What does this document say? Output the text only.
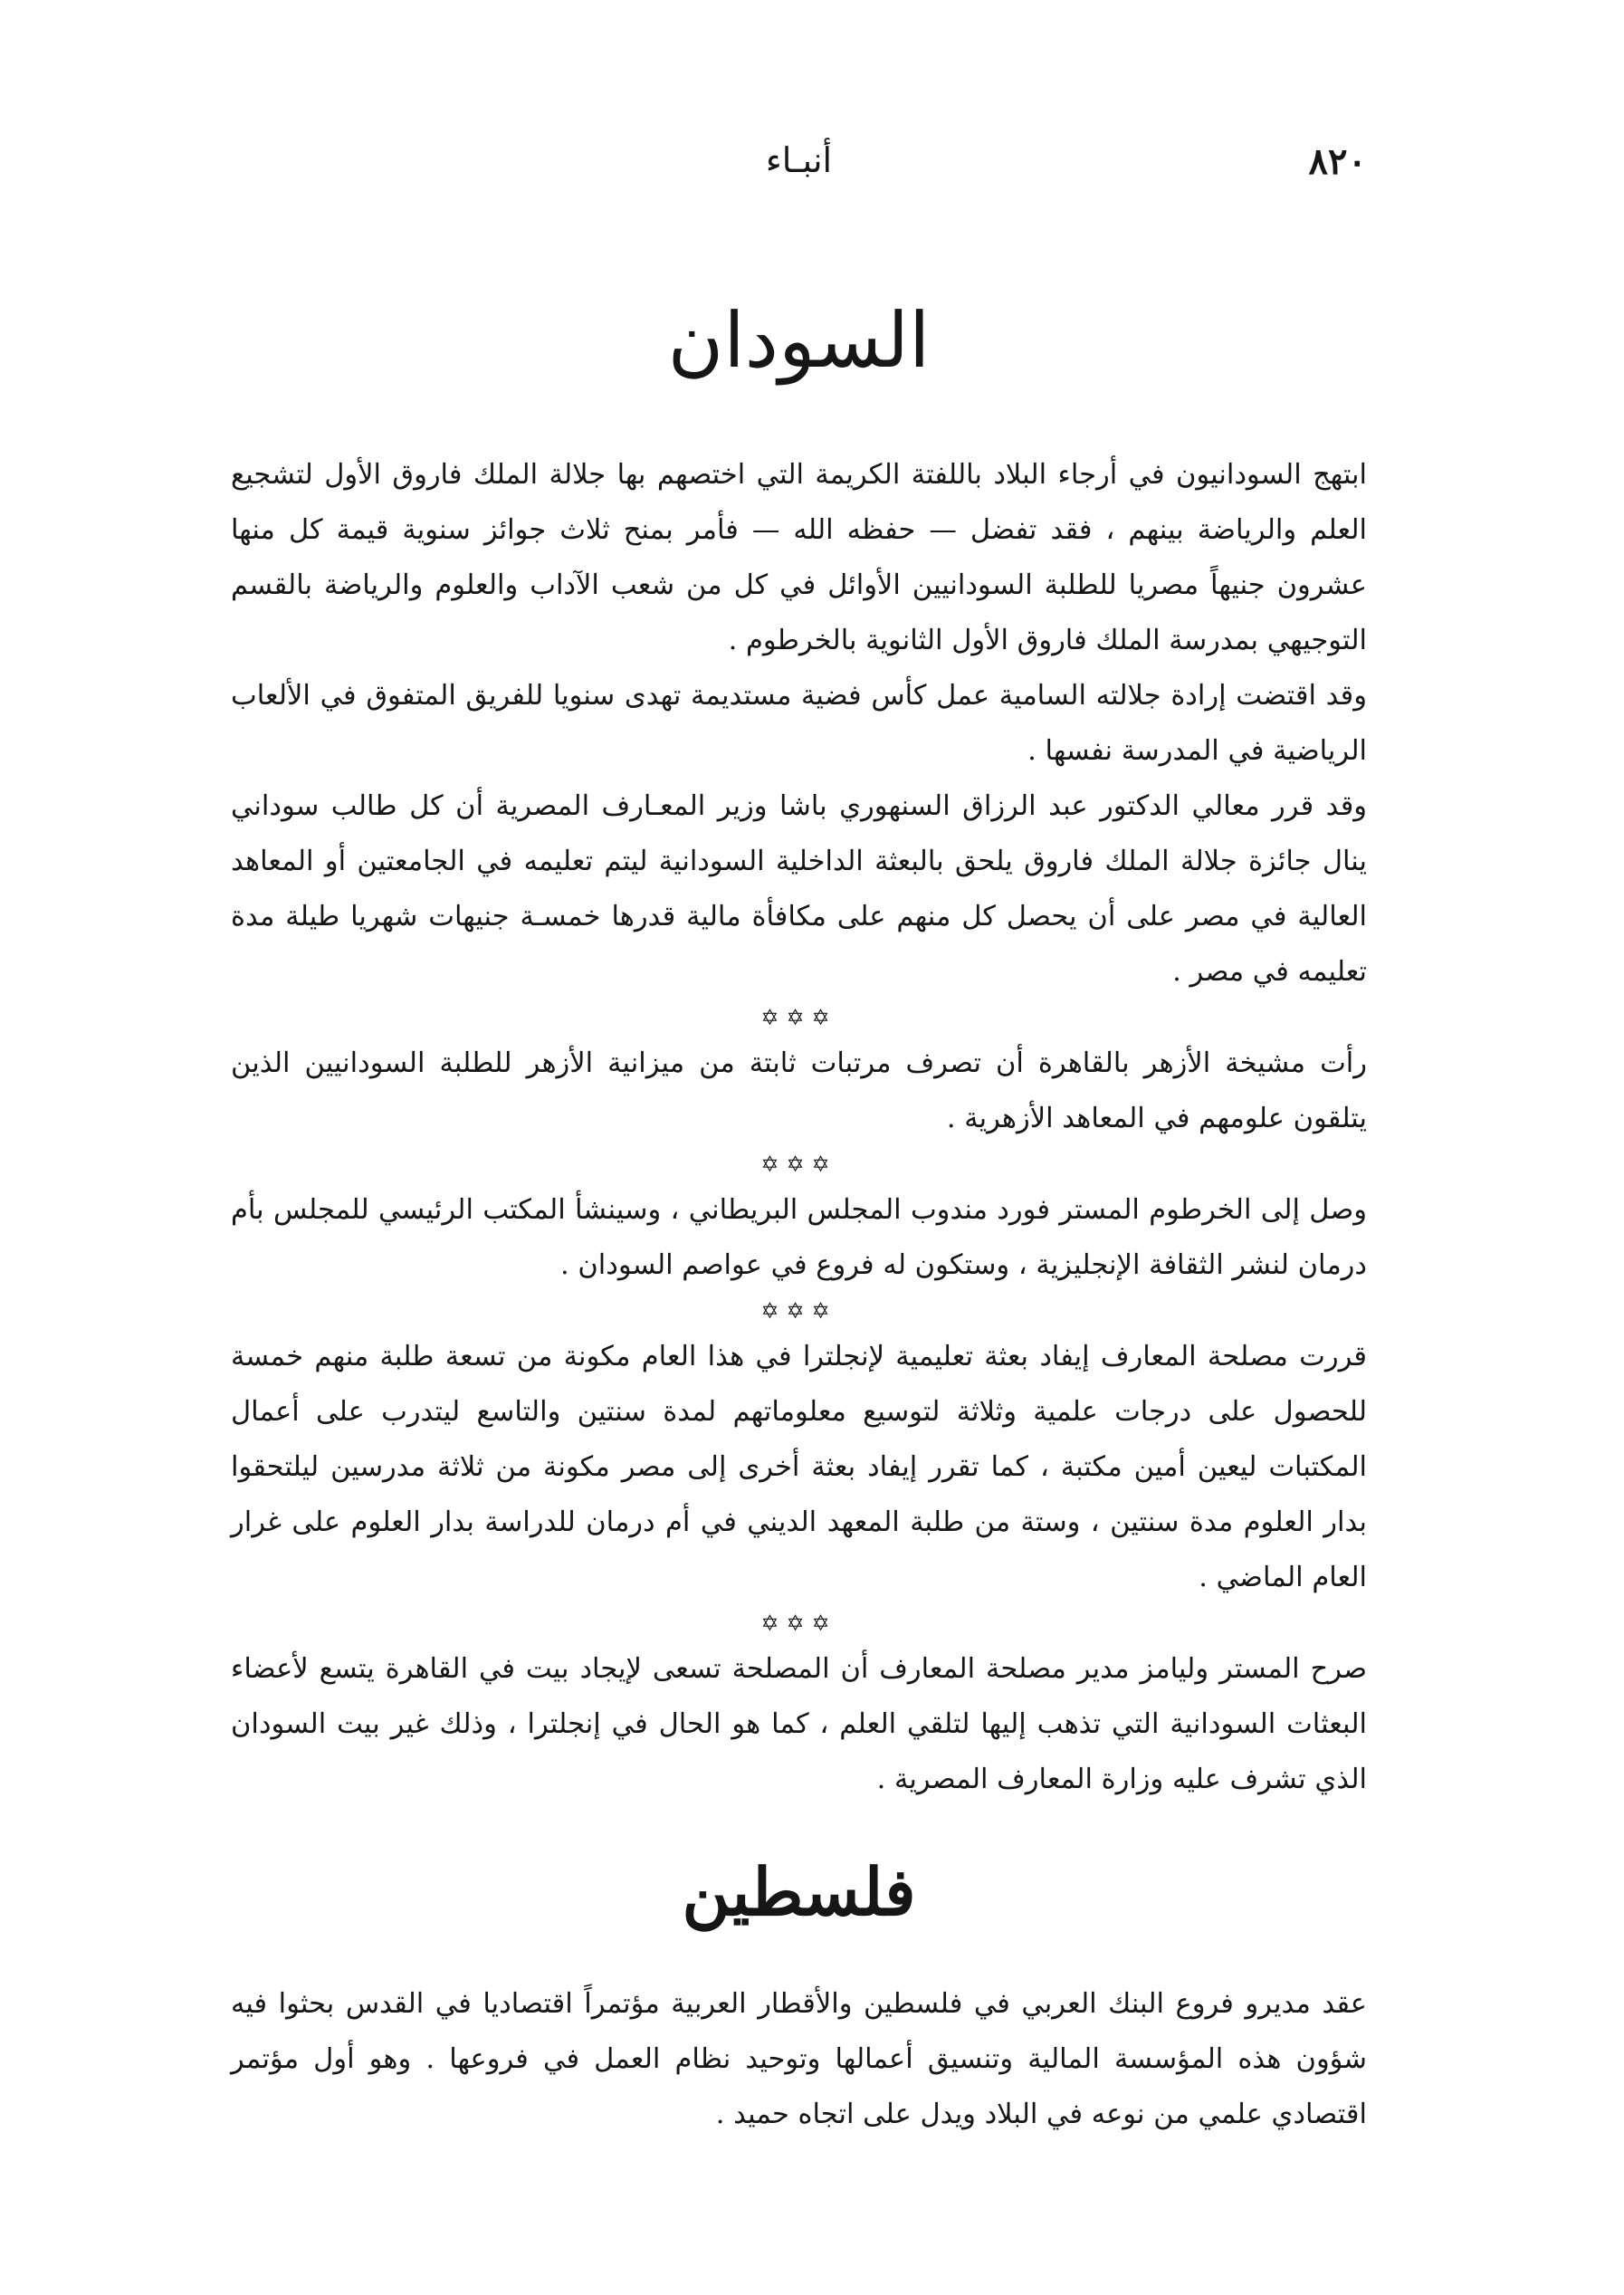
٨٢٠
أنبـاء
السودان

ابتهج السودانيون في أرجاء البلاد باللفتة الكريمة التي اختصهم بها جلالة الملك فاروق الأول لتشجيع العلم والرياضة بينهم ، فقد تفضل — حفظه الله — فأمر بمنح ثلاث جوائز سنوية قيمة كل منها عشرون جنيهاً مصريا للطلبة السودانيين الأوائل في كل من شعب الآداب والعلوم والرياضة بالقسم التوجيهي بمدرسة الملك فاروق الأول الثانوية بالخرطوم .

وقد اقتضت إرادة جلالته السامية عمل كأس فضية مستديمة تهدى سنويا للفريق المتفوق في الألعاب الرياضية في المدرسة نفسها .

وقد قرر معالي الدكتور عبد الرزاق السنهوري باشا وزير المعـارف المصرية أن كل طالب سوداني ينال جائزة جلالة الملك فاروق يلحق بالبعثة الداخلية السودانية ليتم تعليمه في الجامعتين أو المعاهد العالية في مصر على أن يحصل كل منهم على مكافأة مالية قدرها خمسـة جنيهات شهريا طيلة مدة تعليمه في مصر .

✡✡✡

رأت مشيخة الأزهر بالقاهرة أن تصرف مرتبات ثابتة من ميزانية الأزهر للطلبة السودانيين الذين يتلقون علومهم في المعاهد الأزهرية .

✡✡✡

وصل إلى الخرطوم المستر فورد مندوب المجلس البريطاني ، وسينشأ المكتب الرئيسي للمجلس بأم درمان لنشر الثقافة الإنجليزية ، وستكون له فروع في عواصم السودان .

✡✡✡

قررت مصلحة المعارف إيفاد بعثة تعليمية لإنجلترا في هذا العام مكونة من تسعة طلبة منهم خمسة للحصول على درجات علمية وثلاثة لتوسيع معلوماتهم لمدة سنتين والتاسع ليتدرب على أعمال المكتبات ليعين أمين مكتبة ، كما تقرر إيفاد بعثة أخرى إلى مصر مكونة من ثلاثة مدرسين ليلتحقوا بدار العلوم مدة سنتين ، وستة من طلبة المعهد الديني في أم درمان للدراسة بدار العلوم على غرار العام الماضي .

✡✡✡

صرح المستر وليامز مدير مصلحة المعارف أن المصلحة تسعى لإيجاد بيت في القاهرة يتسع لأعضاء البعثات السودانية التي تذهب إليها لتلقي العلم ، كما هو الحال في إنجلترا ، وذلك غير بيت السودان الذي تشرف عليه وزارة المعارف المصرية .

فلسطين

عقد مديرو فروع البنك العربي في فلسطين والأقطار العربية مؤتمراً اقتصاديا في القدس بحثوا فيه شؤون هذه المؤسسة المالية وتنسيق أعمالها وتوحيد نظام العمل في فروعها . وهو أول مؤتمر اقتصادي علمي من نوعه في البلاد ويدل على اتجاه حميد .
